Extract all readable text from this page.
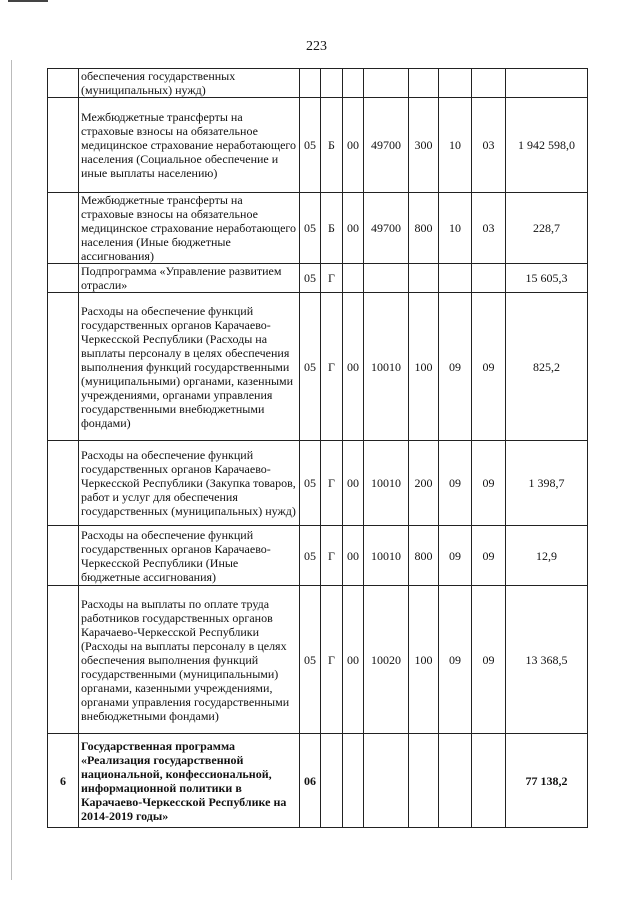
223
	обеспечения государственных (муниципальных) нужд)								
	Межбюджетные трансферты на страховые взносы на обязательное медицинское страхование неработающего населения (Социальное обеспечение и иные выплаты населению)	05	Б	00	49700	300	10	03	1 942 598,0
	Межбюджетные трансферты на страховые взносы на обязательное медицинское страхование неработающего населения (Иные бюджетные ассигнования)	05	Б	00	49700	800	10	03	228,7
	Подпрограмма «Управление развитием отрасли»	05	Г						15 605,3
	Расходы на обеспечение функций государственных органов Карачаево-Черкесской Республики (Расходы на выплаты персоналу в целях обеспечения выполнения функций государственными (муниципальными) органами, казенными учреждениями, органами управления государственными внебюджетными фондами)	05	Г	00	10010	100	09	09	825,2
	Расходы на обеспечение функций государственных органов Карачаево-Черкесской Республики (Закупка товаров, работ и услуг для обеспечения государственных (муниципальных) нужд)	05	Г	00	10010	200	09	09	1 398,7
	Расходы на обеспечение функций государственных органов Карачаево-Черкесской Республики (Иные бюджетные ассигнования)	05	Г	00	10010	800	09	09	12,9
	Расходы на выплаты по оплате труда работников государственных органов Карачаево-Черкесской Республики (Расходы на выплаты персоналу в целях обеспечения выполнения функций государственными (муниципальными) органами, казенными учреждениями, органами управления государственными внебюджетными фондами)	05	Г	00	10020	100	09	09	13 368,5
6	Государственная программа «Реализация государственной национальной, конфессиональной, информационной политики в Карачаево-Черкесской Республике на 2014-2019 годы»	06							77 138,2
